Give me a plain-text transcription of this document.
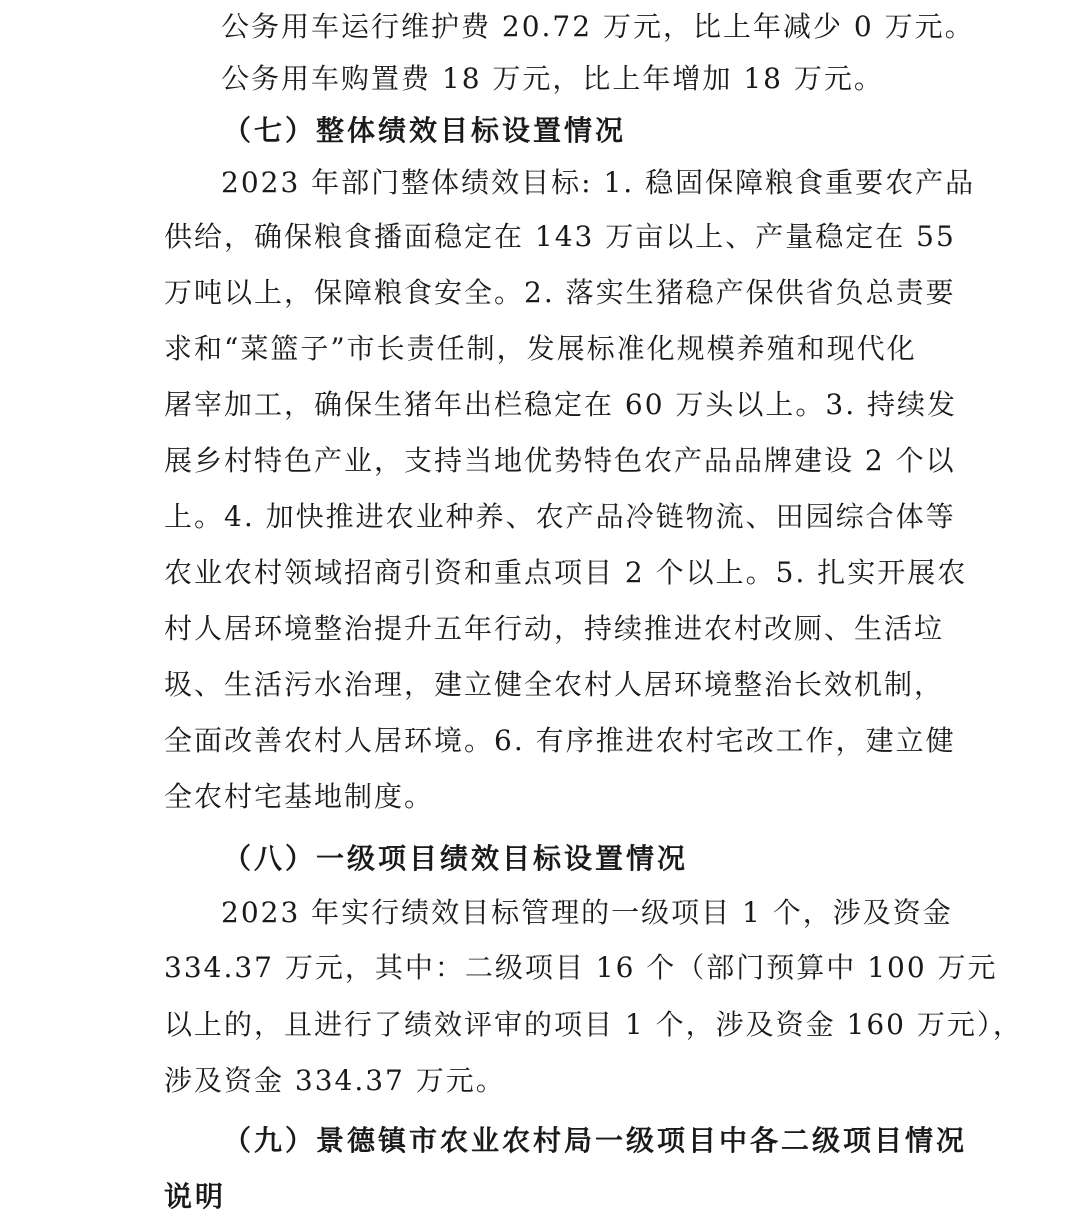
公务用车运行维护费 20.72 万元，比上年减少 0 万元。
公务用车购置费 18 万元，比上年增加 18 万元。
（七）整体绩效目标设置情况
2023 年部门整体绩效目标: 1. 稳固保障粮食重要农产品
供给，确保粮食播面稳定在 143 万亩以上、产量稳定在 55
万吨以上，保障粮食安全。2. 落实生猪稳产保供省负总责要
求和“菜篮子”市长责任制，发展标准化规模养殖和现代化
屠宰加工，确保生猪年出栏稳定在 60 万头以上。3. 持续发
展乡村特色产业，支持当地优势特色农产品品牌建设 2 个以
上。4. 加快推进农业种养、农产品冷链物流、田园综合体等
农业农村领域招商引资和重点项目 2 个以上。5. 扎实开展农
村人居环境整治提升五年行动，持续推进农村改厕、生活垃
圾、生活污水治理，建立健全农村人居环境整治长效机制，
全面改善农村人居环境。6. 有序推进农村宅改工作，建立健
全农村宅基地制度。
（八）一级项目绩效目标设置情况
2023 年实行绩效目标管理的一级项目 1 个，涉及资金
334.37 万元，其中：二级项目 16 个（部门预算中 100 万元
以上的，且进行了绩效评审的项目 1 个，涉及资金 160 万元），
涉及资金 334.37 万元。
（九）景德镇市农业农村局一级项目中各二级项目情况
说明
